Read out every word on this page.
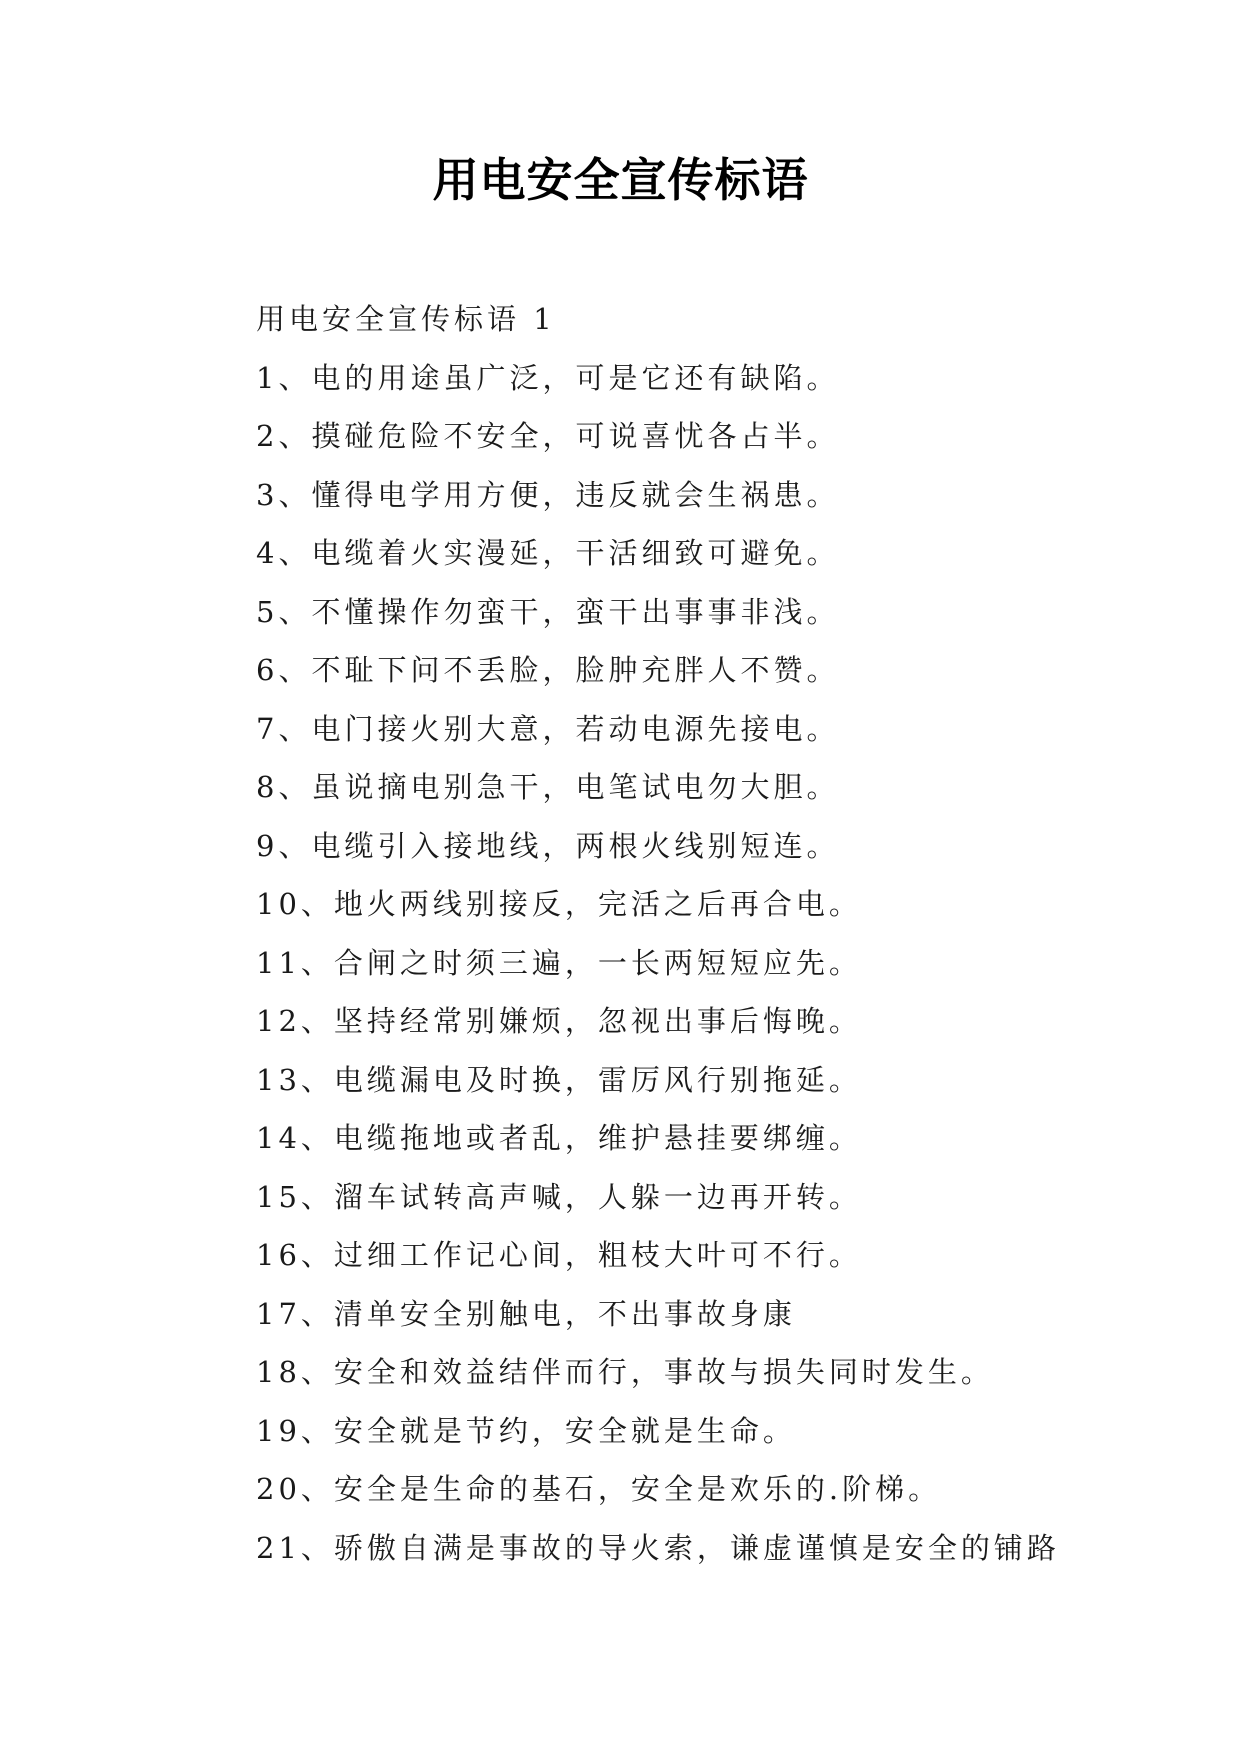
用电安全宣传标语
用电安全宣传标语 1
1、电的用途虽广泛，可是它还有缺陷。
2、摸碰危险不安全，可说喜忧各占半。
3、懂得电学用方便，违反就会生祸患。
4、电缆着火实漫延，干活细致可避免。
5、不懂操作勿蛮干，蛮干出事事非浅。
6、不耻下问不丢脸，脸肿充胖人不赞。
7、电门接火别大意，若动电源先接电。
8、虽说摘电别急干，电笔试电勿大胆。
9、电缆引入接地线，两根火线别短连。
10、地火两线别接反，完活之后再合电。
11、合闸之时须三遍，一长两短短应先。
12、坚持经常别嫌烦，忽视出事后悔晚。
13、电缆漏电及时换，雷厉风行别拖延。
14、电缆拖地或者乱，维护悬挂要绑缠。
15、溜车试转高声喊，人躲一边再开转。
16、过细工作记心间，粗枝大叶可不行。
17、清单安全别触电，不出事故身康
18、安全和效益结伴而行，事故与损失同时发生。
19、安全就是节约，安全就是生命。
20、安全是生命的基石，安全是欢乐的.阶梯。
21、骄傲自满是事故的导火索，谦虚谨慎是安全的铺路
